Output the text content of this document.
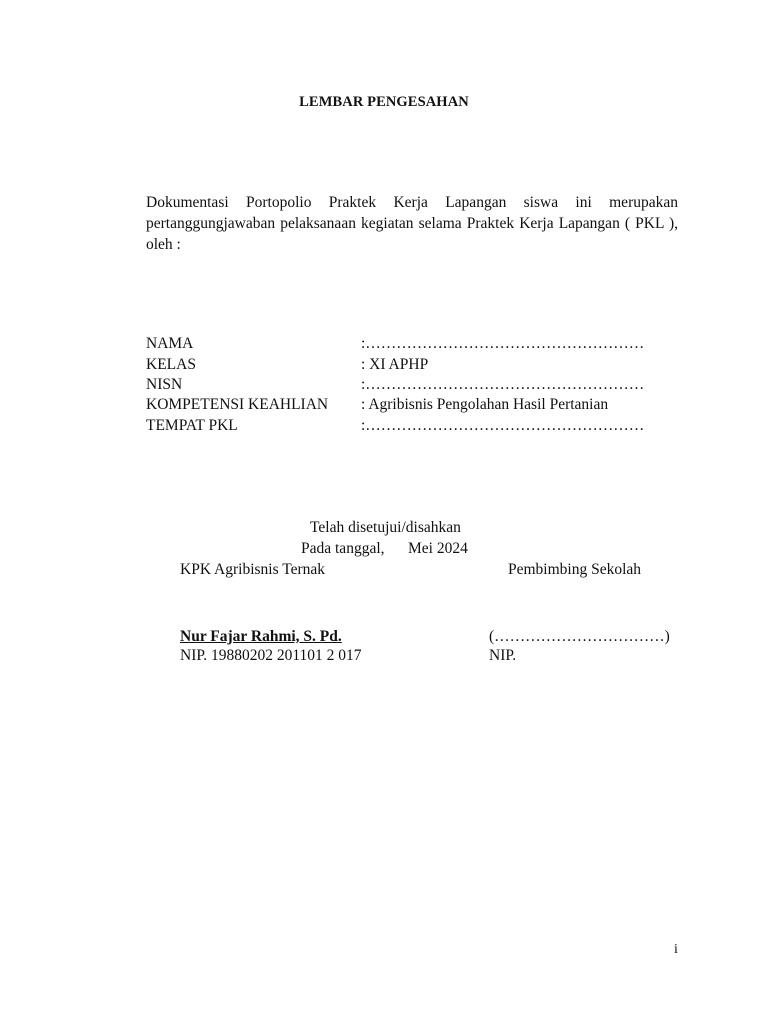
LEMBAR PENGESAHAN
Dokumentasi Portopolio Praktek Kerja Lapangan siswa ini merupakan
pertanggungjawaban pelaksanaan kegiatan selama Praktek Kerja Lapangan ( PKL ),
oleh :
NAMA	:………………………………………………
KELAS	: XI APHP
NISN	:………………………………………………
KOMPETENSI KEAHLIAN : Agribisnis Pengolahan Hasil Pertanian
TEMPAT PKL	:………………………………………………
Telah disetujui/disahkan
Pada tanggal, Mei 2024
KPK Agribisnis Ternak	Pembimbing Sekolah
Nur Fajar Rahmi, S. Pd.	(……………………………)
NIP. 19880202 201101 2 017	NIP.
i
